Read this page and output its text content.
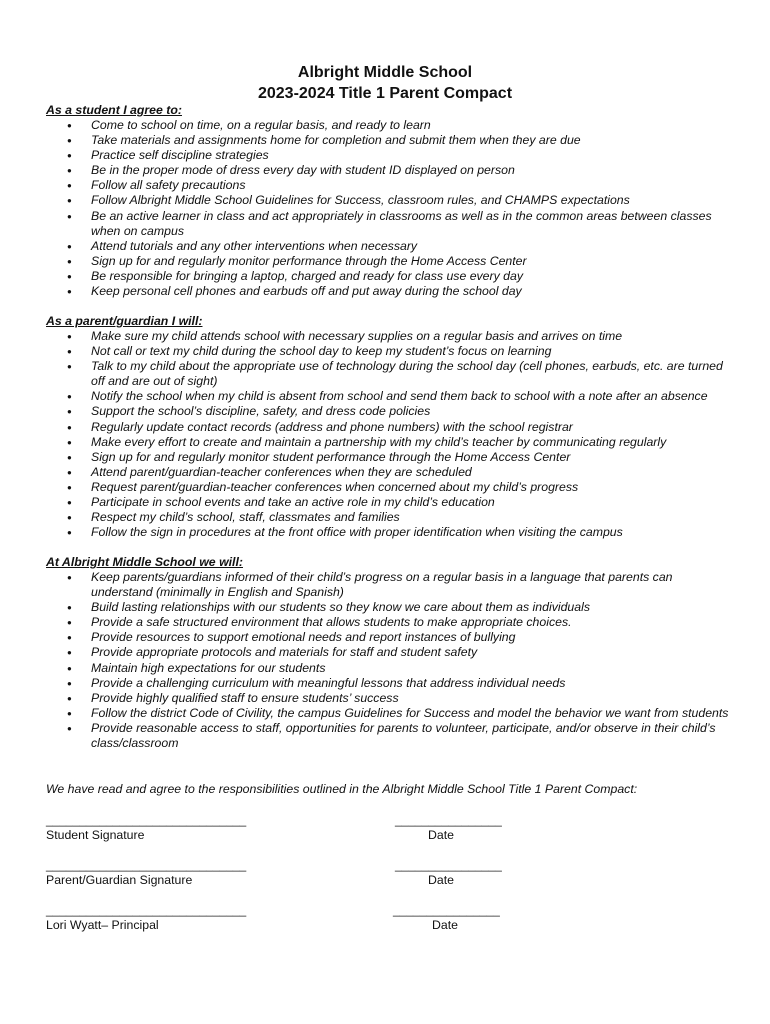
Albright Middle School
2023-2024 Title 1 Parent Compact

As a student I agree to:

● Come to school on time, on a regular basis, and ready to learn
● Take materials and assignments home for completion and submit them when they are due
● Practice self discipline strategies
● Be in the proper mode of dress every day with student ID displayed on person
● Follow all safety precautions
● Follow Albright Middle School Guidelines for Success, classroom rules, and CHAMPS expectations
● Be an active learner in class and act appropriately in classrooms as well as in the common areas between classes when on campus
● Attend tutorials and any other interventions when necessary
● Sign up for and regularly monitor performance through the Home Access Center
● Be responsible for bringing a laptop, charged and ready for class use every day
● Keep personal cell phones and earbuds off and put away during the school day

As a parent/guardian I will:

● Make sure my child attends school with necessary supplies on a regular basis and arrives on time
● Not call or text my child during the school day to keep my student’s focus on learning
● Talk to my child about the appropriate use of technology during the school day (cell phones, earbuds, etc. are turned off and are out of sight)
● Notify the school when my child is absent from school and send them back to school with a note after an absence
● Support the school’s discipline, safety, and dress code policies
● Regularly update contact records (address and phone numbers) with the school registrar
● Make every effort to create and maintain a partnership with my child’s teacher by communicating regularly
● Sign up for and regularly monitor student performance through the Home Access Center
● Attend parent/guardian-teacher conferences when they are scheduled
● Request parent/guardian-teacher conferences when concerned about my child’s progress
● Participate in school events and take an active role in my child’s education
● Respect my child’s school, staff, classmates and families
● Follow the sign in procedures at the front office with proper identification when visiting the campus

At Albright Middle School we will:

● Keep parents/guardians informed of their child’s progress on a regular basis in a language that parents can understand (minimally in English and Spanish)
● Build lasting relationships with our students so they know we care about them as individuals
● Provide a safe structured environment that allows students to make appropriate choices.
● Provide resources to support emotional needs and report instances of bullying
● Provide appropriate protocols and materials for staff and student safety
● Maintain high expectations for our students
● Provide a challenging curriculum with meaningful lessons that address individual needs
● Provide highly qualified staff to ensure students’ success
● Follow the district Code of Civility, the campus Guidelines for Success and model the behavior we want from students
● Provide reasonable access to staff, opportunities for parents to volunteer, participate, and/or observe in their child’s class/classroom

We have read and agree to the responsibilities outlined in the Albright Middle School Title 1 Parent Compact:

______________________________	________________
Student Signature	Date
______________________________	________________
Parent/Guardian Signature	Date
______________________________	________________
Lori Wyatt– Principal	Date
